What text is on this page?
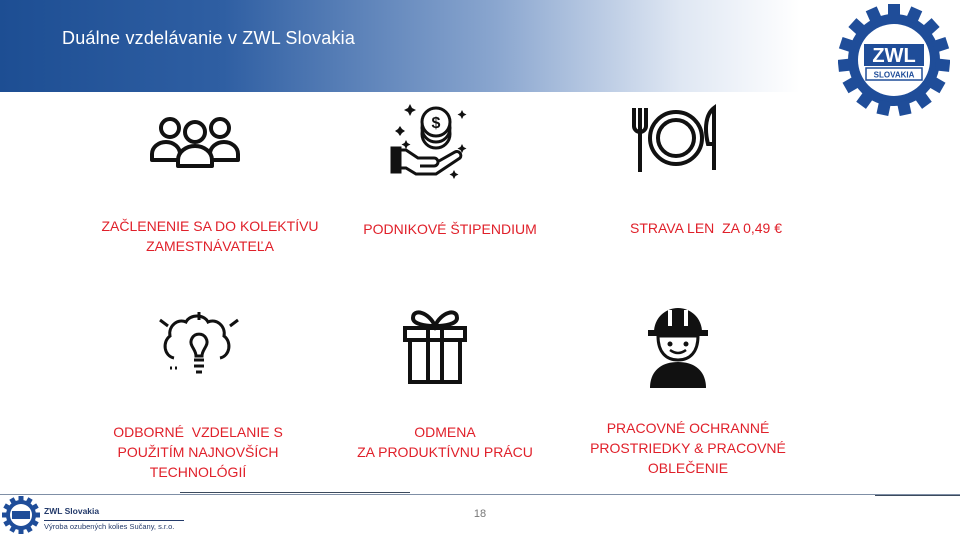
Duálne vzdelávanie v ZWL Slovakia
ZWL
SLOVAKIA
$
ZAČLENENIE SA DO KOLEKTÍVU
ZAMESTNÁVATEĽA
PODNIKOVÉ ŠTIPENDIUM	STRAVA LEN  ZA 0,49 €
ODBORNÉ  VZDELANIE S
POUŽITÍM NAJNOVŠÍCH
TECHNOLÓGIÍ
ODMENA
ZA PRODUKTÍVNU PRÁCU
PRACOVNÉ OCHRANNÉ
PROSTRIEDKY & PRACOVNÉ
OBLEČENIE
ZWL Slovakia
Výroba ozubených kolies Sučany, s.r.o.
18
